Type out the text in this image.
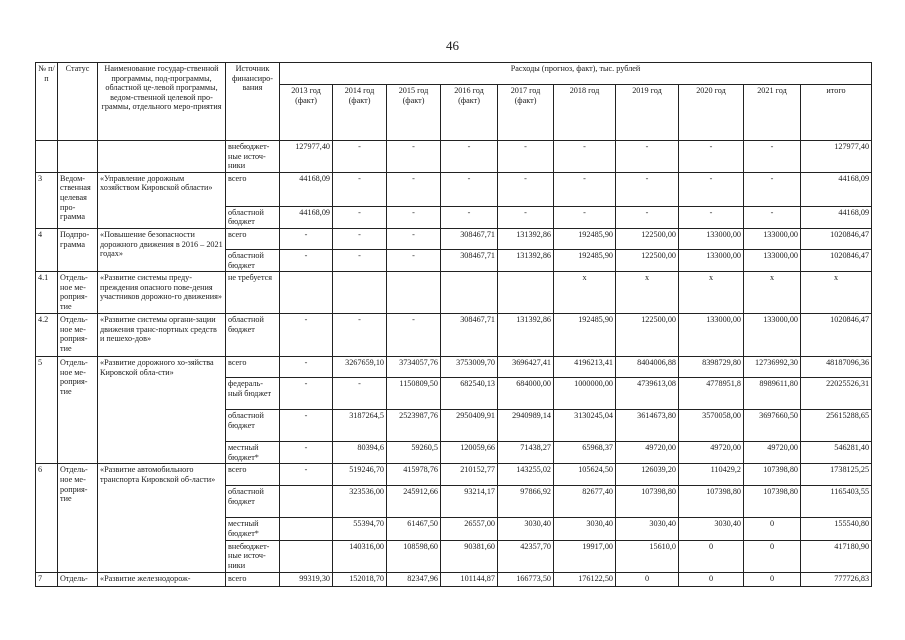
46
№ п/п	Статус	Наименование государ-ственной программы, под-программы, областной це-левой программы, ведом-ственной целевой про-граммы, отдельного меро-приятия	Источник финансиро-вания	Расходы (прогноз, факт), тыс. рублей									
				2013 год (факт)	2014 год (факт)	2015 год (факт)	2016 год (факт)	2017 год (факт)	2018 год	2019 год	2020 год	2021 год	итого
			внебюджет-ные источ-ники	127977,40	-	-	-	-	-	-	-	-	127977,40
3	Ведом-ственная целевая про-грамма	«Управление дорожным хозяйством Кировской области»	всего	44168,09	-	-	-	-	-	-	-	-	44168,09
			областной бюджет	44168,09	-	-	-	-	-	-	-	-	44168,09
4	Подпро-грамма	«Повышение безопасности дорожного движения в 2016 – 2021 годах»	всего	-	-	-	308467,71	131392,86	192485,90	122500,00	133000,00	133000,00	1020846,47
			областной бюджет	-	-	-	308467,71	131392,86	192485,90	122500,00	133000,00	133000,00	1020846,47
4.1	Отдель-ное ме-роприя-тие	«Развитие системы преду-преждения опасного пове-дения участников дорожно-го движения»	не требуется						x	x	x	x	x
4.2	Отдель-ное ме-роприя-тие	«Развитие системы органи-зации движения транс-портных средств и пешехо-дов»	областной бюджет	-	-	-	308467,71	131392,86	192485,90	122500,00	133000,00	133000,00	1020846,47
5	Отдель-ное ме-роприя-тие	«Развитие дорожного хо-зяйства Кировской обла-сти»	всего	-	3267659,10	3734057,76	3753009,70	3696427,41	4196213,41	8404006,88	8398729,80	12736992,30	48187096,36
			федераль-ный бюджет	-	-	1150809,50	682540,13	684000,00	1000000,00	4739613,08	4778951,8	8989611,80	22025526,31
			областной бюджет	-	3187264,5	2523987,76	2950409,91	2940989,14	3130245,04	3614673,80	3570058,00	3697660,50	25615288,65
			местный бюджет*	-	80394,6	59260,5	120059,66	71438,27	65968,37	49720,00	49720,00	49720,00	546281,40
6	Отдель-ное ме-роприя-тие	«Развитие автомобильного транспорта Кировской об-ласти»	всего	-	519246,70	415978,76	210152,77	143255,02	105624,50	126039,20	110429,2	107398,80	1738125,25
			областной бюджет		323536,00	245912,66	93214,17	97866,92	82677,40	107398,80	107398,80	107398,80	1165403,55
			местный бюджет*		55394,70	61467,50	26557,00	3030,40	3030,40	3030,40	3030,40	0	155540,80
			внебюджет-ные источ-ники		140316,00	108598,60	90381,60	42357,70	19917,00	15610,0	0	0	417180,90
7	Отдель-	«Развитие железнодорож-	всего	99319,30	152018,70	82347,96	101144,87	166773,50	176122,50	0	0	0	777726,83
